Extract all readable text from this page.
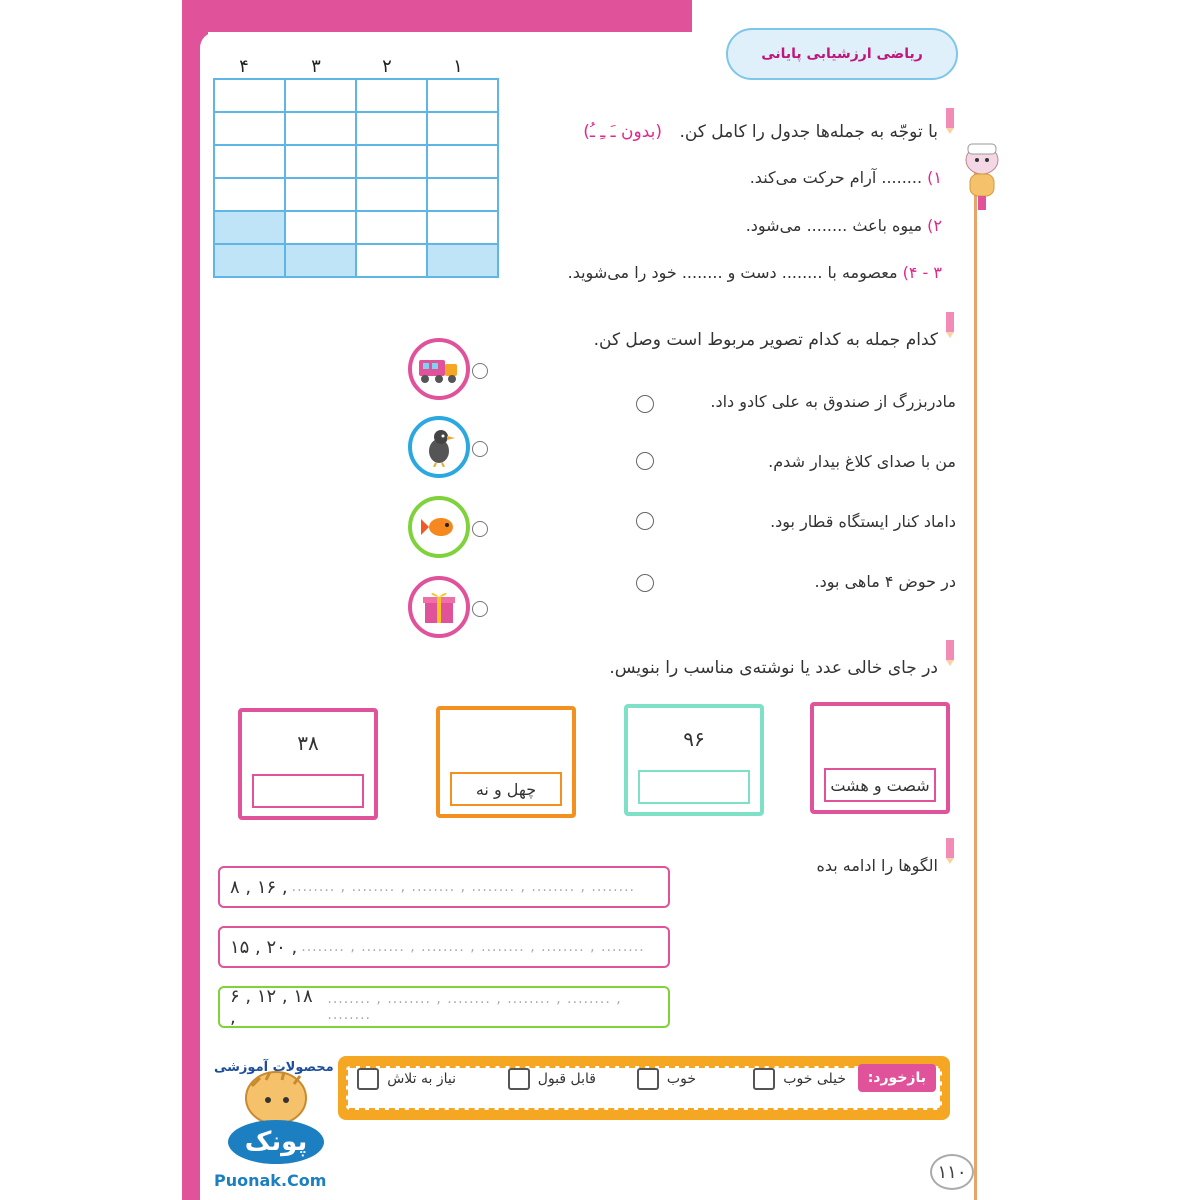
ریاضی ارزشیابی پایانی
با توجّه به جمله‌ها جدول را کامل کن. (بدون ـَ ـِ ـُ)
۴	۳	۲	۱

۱) ........ آرام حرکت می‌کند.
۲) میوه باعث ........ می‌شود.
۳ - ۴) معصومه با ........ دست و ........ خود را می‌شوید.
کدام جمله به کدام تصویر مربوط است وصل کن.
مادربزرگ از صندوق به علی کادو داد.
من با صدای کلاغ بیدار شدم.
داماد کنار ایستگاه قطار بود.
در حوض ۴ ماهی بود.
در جای خالی عدد یا نوشته‌ی مناسب را بنویس.
۳۸
چهل و نه
۹۶
شصت و هشت
الگوها را ادامه بده
۸ , ۱۶ , ........ , ........ , ........ , ........ , ........ , ........
۱۵ , ۲۰ , ........ , ........ , ........ , ........ , ........ , ........
۶ , ۱۲ , ۱۸ ,
........ , ........ , ........ , ........ , ........ , ........
بازخورد:
خیلی خوب
خوب
قابل قبول
نیاز به تلاش
۱۱۰
پونک
محصولات آموزشی
Puonak.Com
